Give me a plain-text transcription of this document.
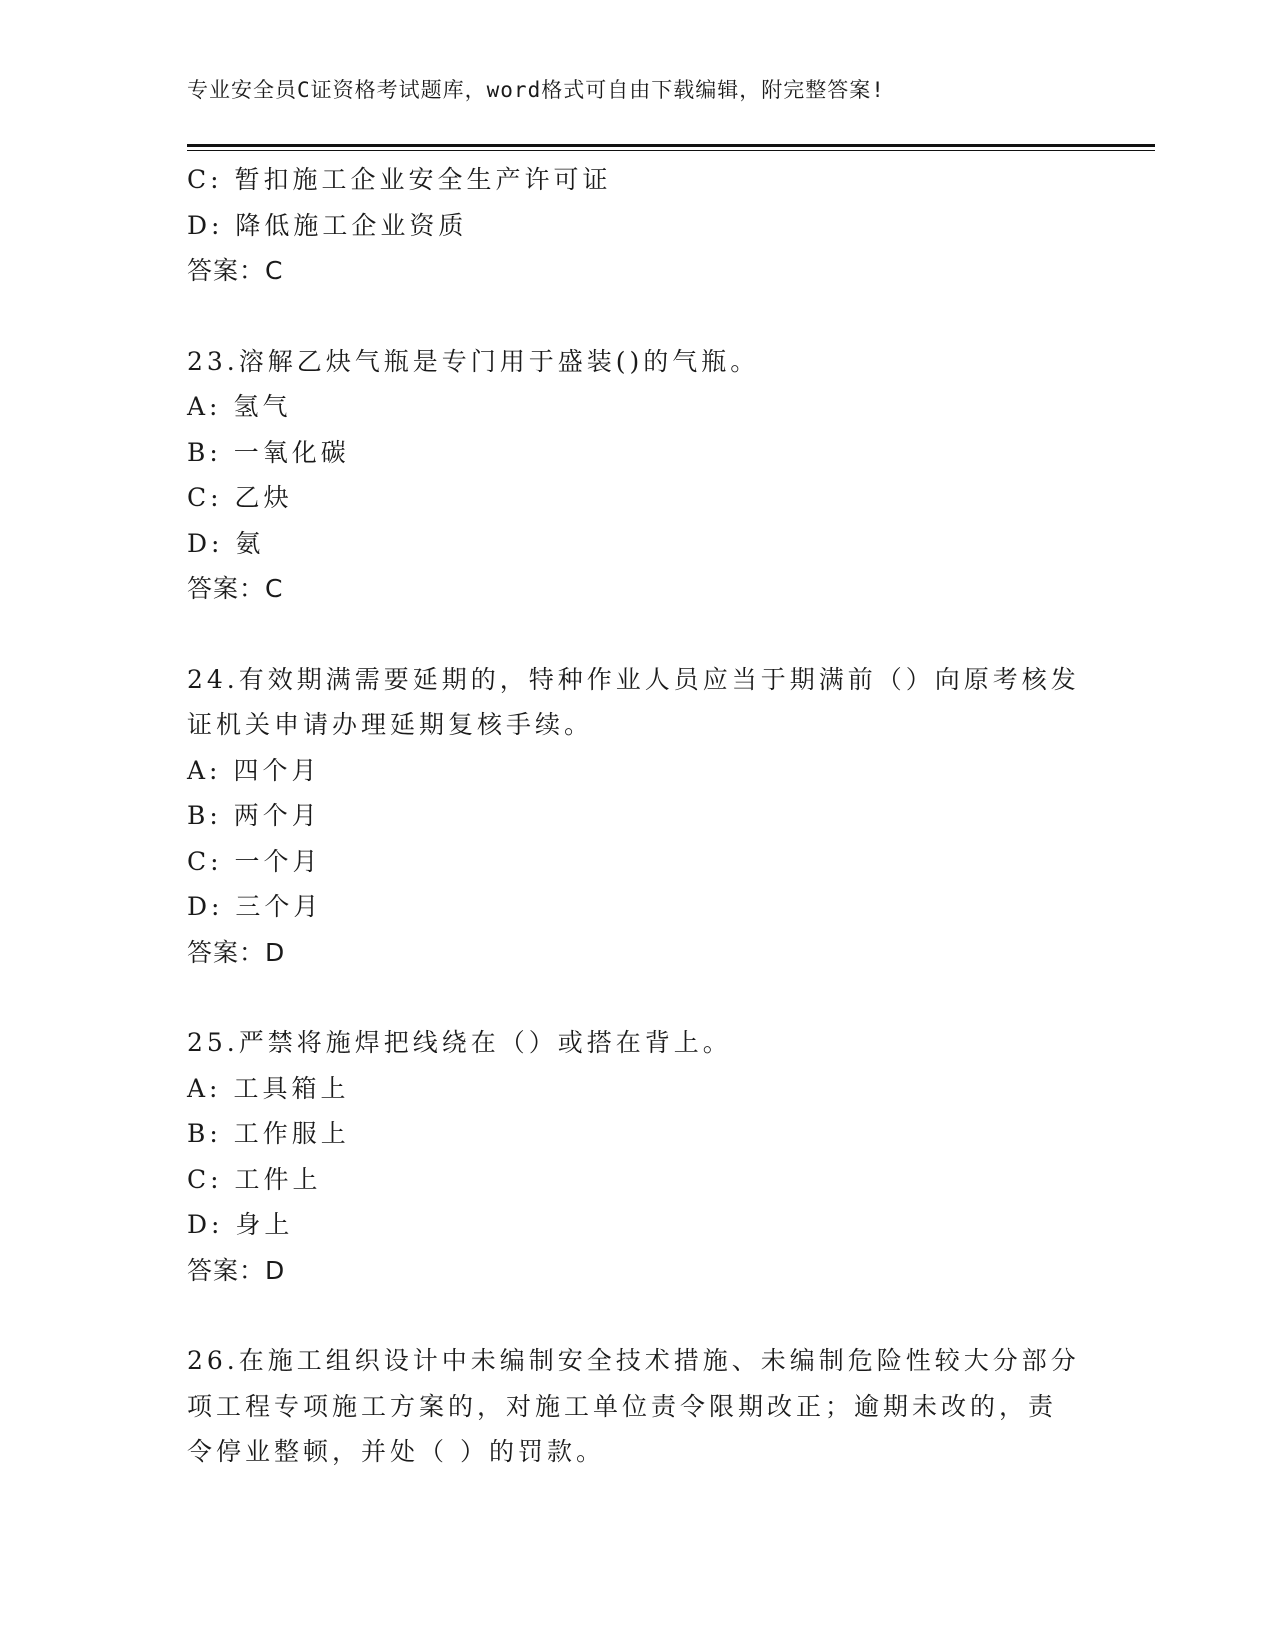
专业安全员C证资格考试题库，word格式可自由下载编辑，附完整答案!
C: 暂扣施工企业安全生产许可证
D: 降低施工企业资质
答案：C
23.溶解乙炔气瓶是专门用于盛装()的气瓶。
A: 氢气
B: 一氧化碳
C: 乙炔
D: 氨
答案：C
24.有效期满需要延期的，特种作业人员应当于期满前（）向原考核发
证机关申请办理延期复核手续。
A: 四个月
B: 两个月
C: 一个月
D: 三个月
答案：D
25.严禁将施焊把线绕在（）或搭在背上。
A: 工具箱上
B: 工作服上
C: 工件上
D: 身上
答案：D
26.在施工组织设计中未编制安全技术措施、未编制危险性较大分部分
项工程专项施工方案的，对施工单位责令限期改正；逾期未改的，责
令停业整顿，并处（ ）的罚款。
